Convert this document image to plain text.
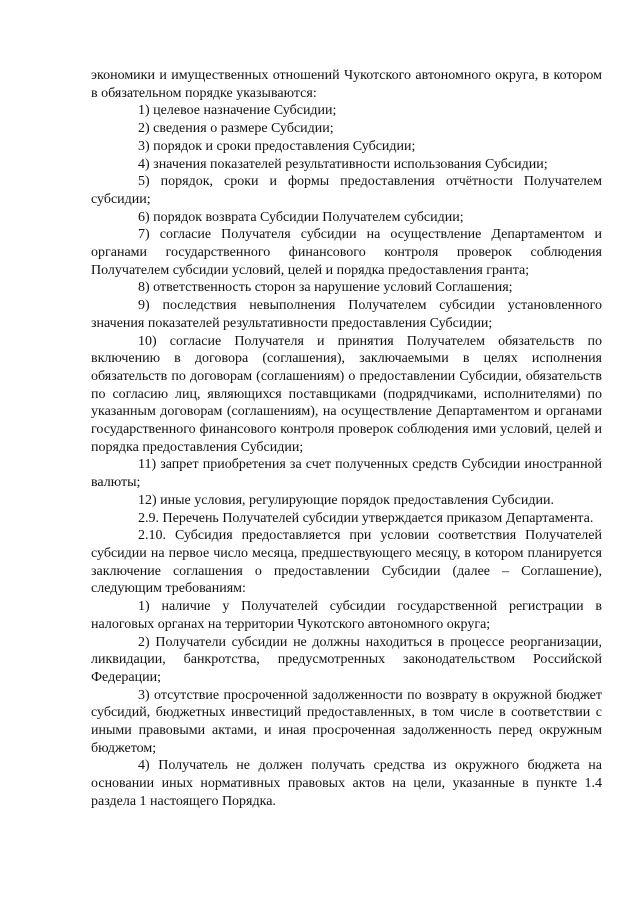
экономики и имущественных отношений Чукотского автономного округа, в котором в обязательном порядке указываются:

1) целевое назначение Субсидии;

2) сведения о размере Субсидии;

3) порядок и сроки предоставления Субсидии;

4) значения показателей результативности использования Субсидии;

5) порядок, сроки и формы предоставления отчётности Получателем субсидии;

6) порядок возврата Субсидии Получателем субсидии;

7) согласие Получателя субсидии на осуществление Департаментом и органами государственного финансового контроля проверок соблюдения Получателем субсидии условий, целей и порядка предоставления гранта;

8) ответственность сторон за нарушение условий Соглашения;

9) последствия невыполнения Получателем субсидии установленного значения показателей результативности предоставления Субсидии;

10) согласие Получателя и принятия Получателем обязательств по включению в договора (соглашения), заключаемыми в целях исполнения обязательств по договорам (соглашениям) о предоставлении Субсидии, обязательств по согласию лиц, являющихся поставщиками (подрядчиками, исполнителями) по указанным договорам (соглашениям), на осуществление Департаментом и органами государственного финансового контроля проверок соблюдения ими условий, целей и порядка предоставления Субсидии;

11) запрет приобретения за счет полученных средств Субсидии иностранной валюты;

12) иные условия, регулирующие порядок предоставления Субсидии.

2.9. Перечень Получателей субсидии утверждается приказом Департамента.

2.10. Субсидия предоставляется при условии соответствия Получателей субсидии на первое число месяца, предшествующего месяцу, в котором планируется заключение соглашения о предоставлении Субсидии (далее – Соглашение), следующим требованиям:

1) наличие у Получателей субсидии государственной регистрации в налоговых органах на территории Чукотского автономного округа;

2) Получатели субсидии не должны находиться в процессе реорганизации, ликвидации, банкротства, предусмотренных законодательством Российской Федерации;

3) отсутствие просроченной задолженности по возврату в окружной бюджет субсидий, бюджетных инвестиций предоставленных, в том числе в соответствии с иными правовыми актами, и иная просроченная задолженность перед окружным бюджетом;

4) Получатель не должен получать средства из окружного бюджета на основании иных нормативных правовых актов на цели, указанные в пункте 1.4 раздела 1 настоящего Порядка.
